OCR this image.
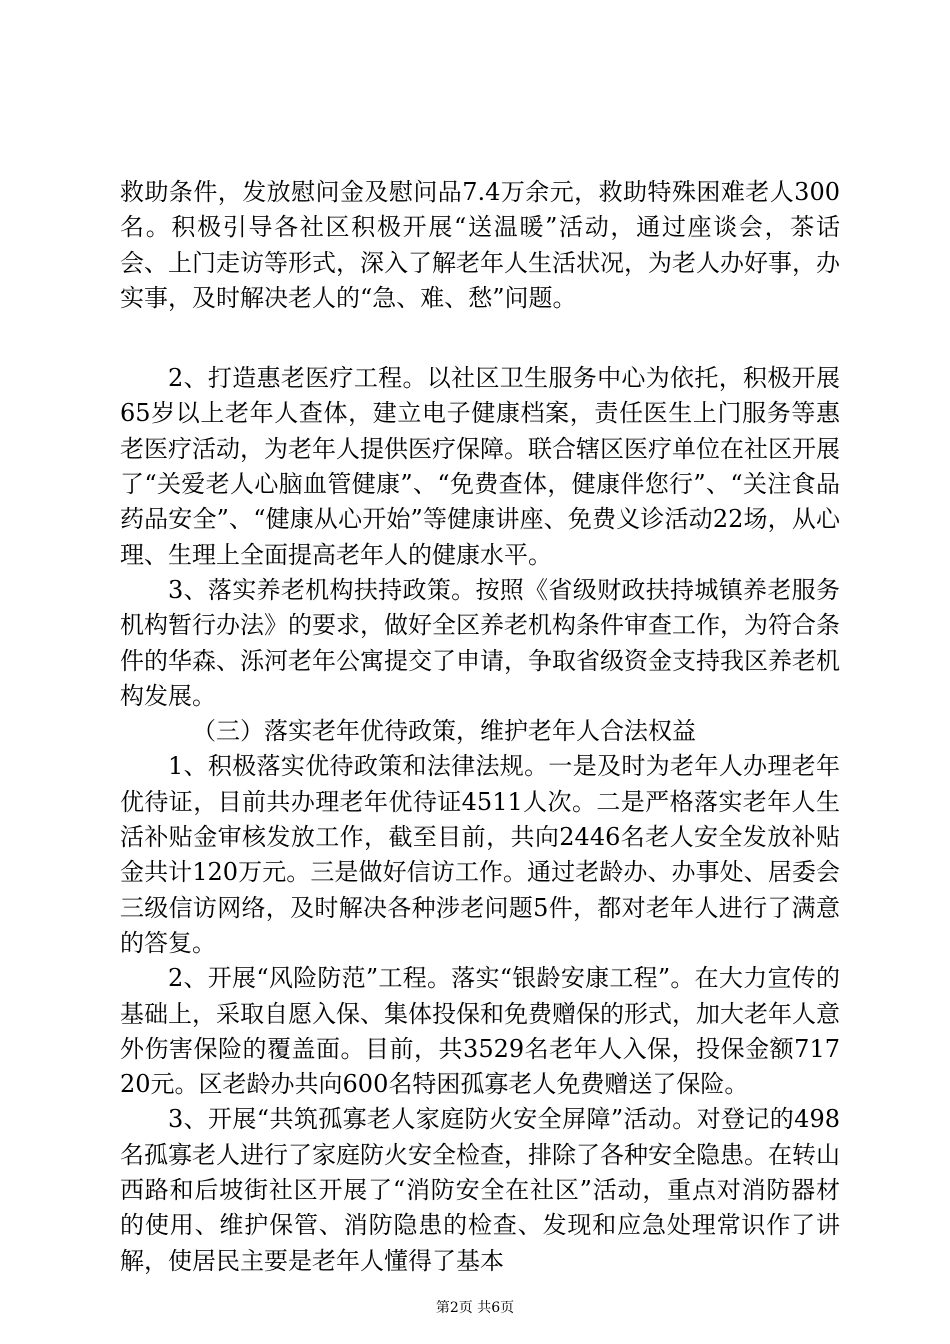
救助条件，发放慰问金及慰问品7.4万余元，救助特殊困难老人300名。积极引导各社区积极开展“送温暖”活动，通过座谈会，茶话会、上门走访等形式，深入了解老年人生活状况，为老人办好事，办实事，及时解决老人的“急、难、愁”问题。

2、打造惠老医疗工程。以社区卫生服务中心为依托，积极开展65岁以上老年人查体，建立电子健康档案，责任医生上门服务等惠老医疗活动，为老年人提供医疗保障。联合辖区医疗单位在社区开展了“关爱老人心脑血管健康”、“免费查体，健康伴您行”、“关注食品药品安全”、“健康从心开始”等健康讲座、免费义诊活动22场，从心理、生理上全面提高老年人的健康水平。

3、落实养老机构扶持政策。按照《省级财政扶持城镇养老服务机构暂行办法》的要求，做好全区养老机构条件审查工作，为符合条件的华森、泺河老年公寓提交了申请，争取省级资金支持我区养老机构发展。

（三）落实老年优待政策，维护老年人合法权益

1、积极落实优待政策和法律法规。一是及时为老年人办理老年优待证，目前共办理老年优待证4511人次。二是严格落实老年人生活补贴金审核发放工作，截至目前，共向2446名老人安全发放补贴金共计120万元。三是做好信访工作。通过老龄办、办事处、居委会三级信访网络，及时解决各种涉老问题5件，都对老年人进行了满意的答复。

2、开展“风险防范”工程。落实“银龄安康工程”。在大力宣传的基础上，采取自愿入保、集体投保和免费赠保的形式，加大老年人意外伤害保险的覆盖面。目前，共3529名老年人入保，投保金额71720元。区老龄办共向600名特困孤寡老人免费赠送了保险。

3、开展“共筑孤寡老人家庭防火安全屏障”活动。对登记的498名孤寡老人进行了家庭防火安全检查，排除了各种安全隐患。在转山西路和后坡街社区开展了“消防安全在社区”活动，重点对消防器材的使用、维护保管、消防隐患的检查、发现和应急处理常识作了讲解，使居民主要是老年人懂得了基本

第2页 共6页
